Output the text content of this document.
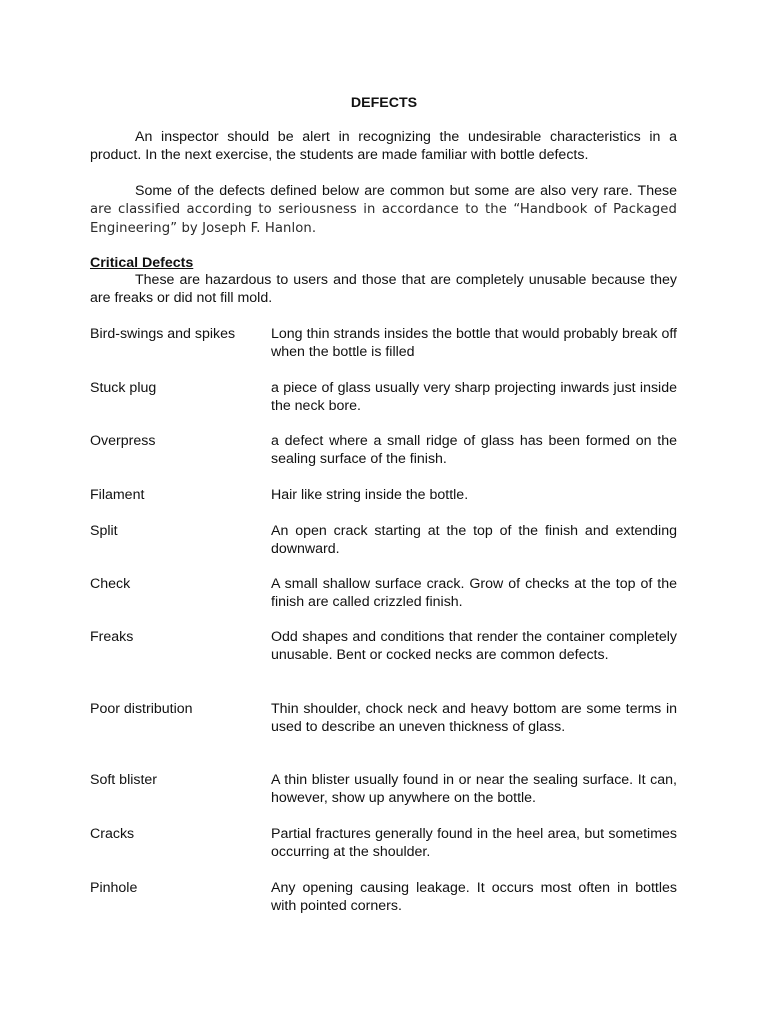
DEFECTS

An inspector should be alert in recognizing the undesirable characteristics in a product. In the next exercise, the students are made familiar with bottle defects.

Some of the defects defined below are common but some are also very rare. These are classified according to seriousness in accordance to the “Handbook of Packaged Engineering” by Joseph F. Hanlon.

Critical Defects

These are hazardous to users and those that are completely unusable because they are freaks or did not fill mold.

Bird-swings and spikes	Long thin strands insides the bottle that would probably break off when the bottle is filled
Stuck plug	a piece of glass usually very sharp projecting inwards just inside the neck bore.
Overpress	a defect where a small ridge of glass has been formed on the sealing surface of the finish.
Filament	Hair like string inside the bottle.
Split	An open crack starting at the top of the finish and extending downward.
Check	A small shallow surface crack. Grow of checks at the top of the finish are called crizzled finish.
Freaks	Odd shapes and conditions that render the container completely unusable. Bent or cocked necks are common defects.
Poor distribution	Thin shoulder, chock neck and heavy bottom are some terms in used to describe an uneven thickness of glass.
Soft blister	A thin blister usually found in or near the sealing surface. It can, however, show up anywhere on the bottle.
Cracks	Partial fractures generally found in the heel area, but sometimes occurring at the shoulder.
Pinhole	Any opening causing leakage. It occurs most often in bottles with pointed corners.
